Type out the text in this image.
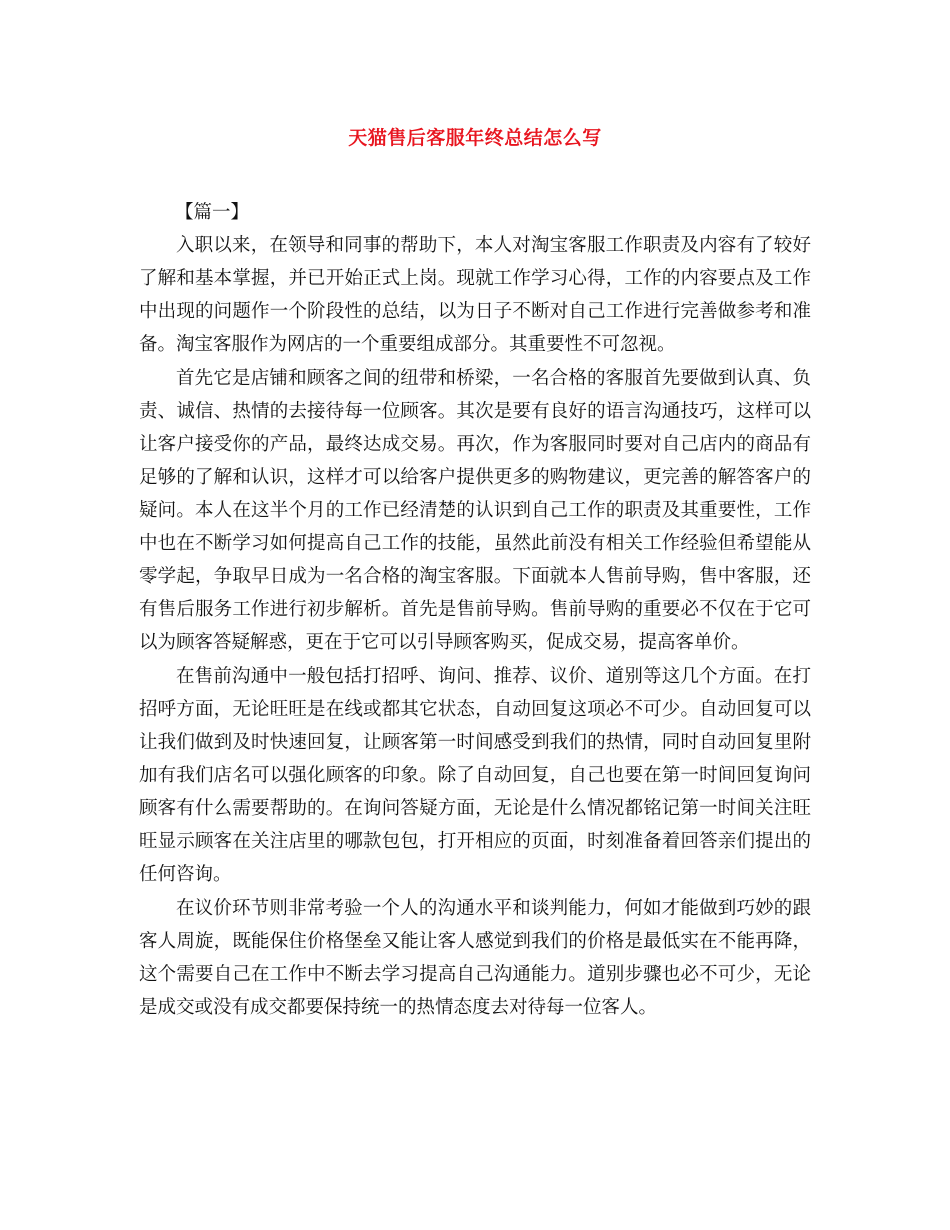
天猫售后客服年终总结怎么写
【篇一】

入职以来，在领导和同事的帮助下，本人对淘宝客服工作职责及内容有了较好了解和基本掌握，并已开始正式上岗。现就工作学习心得，工作的内容要点及工作中出现的问题作一个阶段性的总结，以为日子不断对自己工作进行完善做参考和准备。淘宝客服作为网店的一个重要组成部分。其重要性不可忽视。

首先它是店铺和顾客之间的纽带和桥梁，一名合格的客服首先要做到认真、负责、诚信、热情的去接待每一位顾客。其次是要有良好的语言沟通技巧，这样可以让客户接受你的产品，最终达成交易。再次，作为客服同时要对自己店内的商品有足够的了解和认识，这样才可以给客户提供更多的购物建议，更完善的解答客户的疑问。本人在这半个月的工作已经清楚的认识到自己工作的职责及其重要性，工作中也在不断学习如何提高自己工作的技能，虽然此前没有相关工作经验但希望能从零学起，争取早日成为一名合格的淘宝客服。下面就本人售前导购，售中客服，还有售后服务工作进行初步解析。首先是售前导购。售前导购的重要必不仅在于它可以为顾客答疑解惑，更在于它可以引导顾客购买，促成交易，提高客单价。

在售前沟通中一般包括打招呼、询问、推荐、议价、道别等这几个方面。在打招呼方面，无论旺旺是在线或都其它状态，自动回复这项必不可少。自动回复可以让我们做到及时快速回复，让顾客第一时间感受到我们的热情，同时自动回复里附加有我们店名可以强化顾客的印象。除了自动回复，自己也要在第一时间回复询问顾客有什么需要帮助的。在询问答疑方面，无论是什么情况都铭记第一时间关注旺旺显示顾客在关注店里的哪款包包，打开相应的页面，时刻准备着回答亲们提出的任何咨询。

在议价环节则非常考验一个人的沟通水平和谈判能力，何如才能做到巧妙的跟客人周旋，既能保住价格堡垒又能让客人感觉到我们的价格是最低实在不能再降，这个需要自己在工作中不断去学习提高自己沟通能力。道别步骤也必不可少，无论是成交或没有成交都要保持统一的热情态度去对待每一位客人。
